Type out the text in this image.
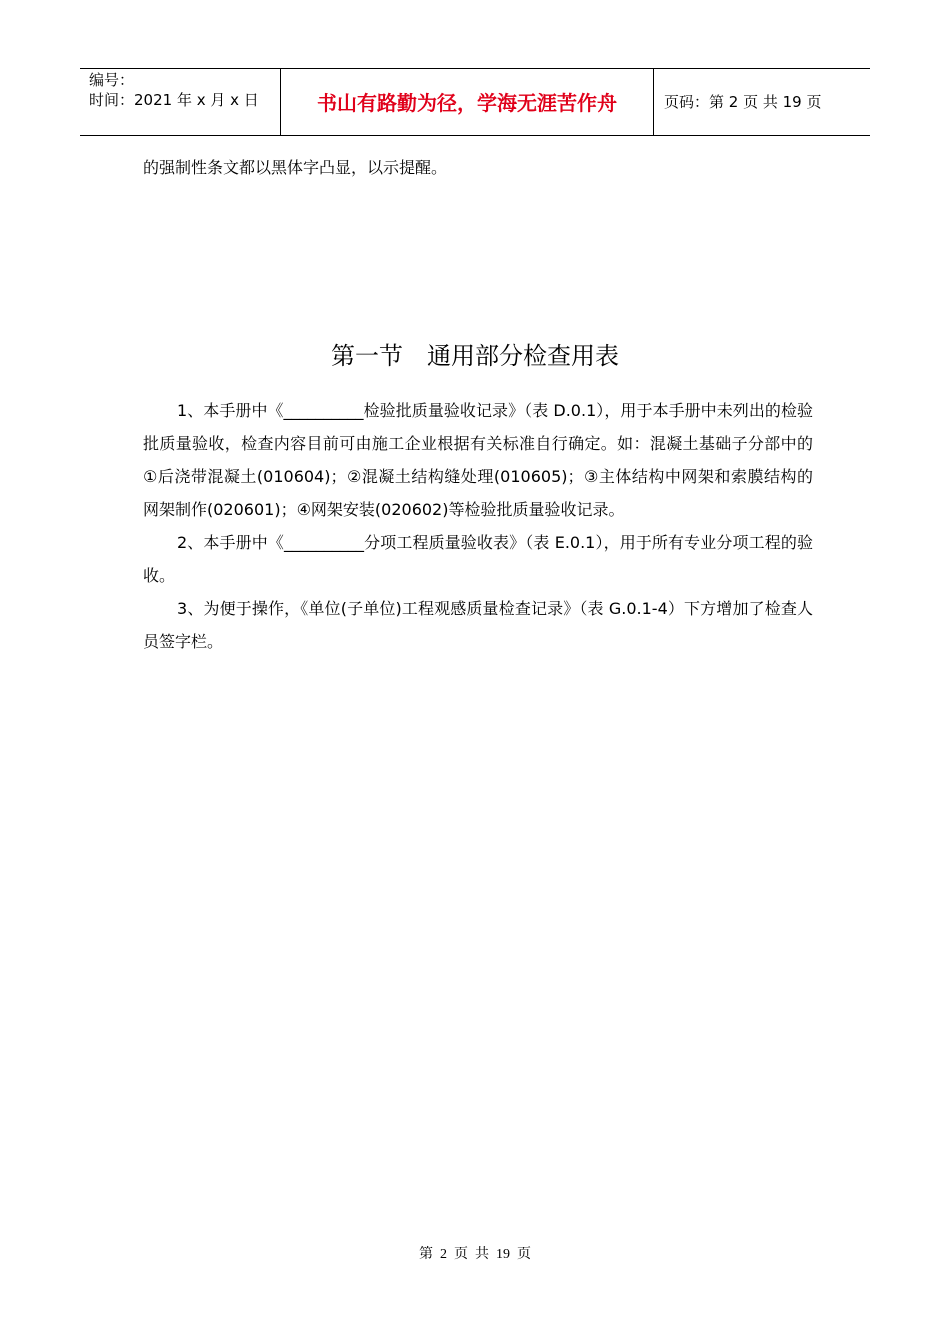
编号：
时间：2021 年 x 月 x 日	书山有路勤为径，学海无涯苦作舟	页码：第 2 页 共 19 页
的强制性条文都以黑体字凸显，以示提醒。
第一节　通用部分检查用表
1、本手册中《__________检验批质量验收记录》（表 D.0.1），用于本手册中未列出的检验批质量验收，检查内容目前可由施工企业根据有关标准自行确定。如：混凝土基础子分部中的①后浇带混凝土(010604)；②混凝土结构缝处理(010605)；③主体结构中网架和索膜结构的网架制作(020601)；④网架安装(020602)等检验批质量验收记录。
2、本手册中《__________分项工程质量验收表》（表 E.0.1），用于所有专业分项工程的验收。
3、为便于操作，《单位(子单位)工程观感质量检查记录》（表 G.0.1-4）下方增加了检查人员签字栏。
第  2  页  共  19  页
